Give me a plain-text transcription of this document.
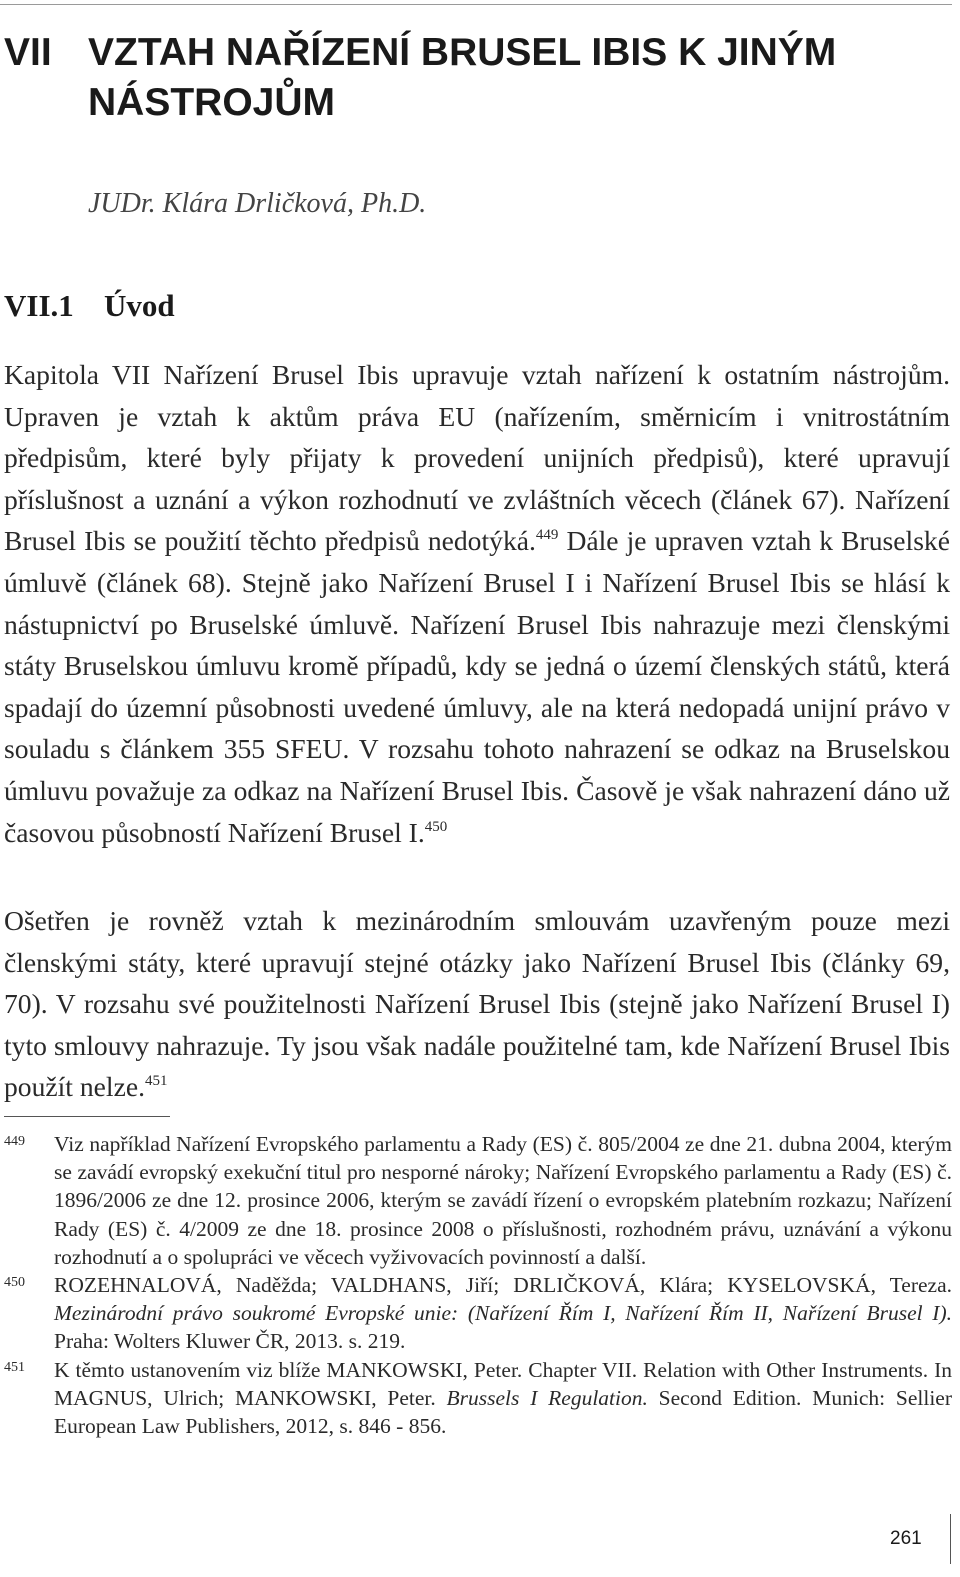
VII VZTAH NAŘÍZENÍ BRUSEL IBIS K JINÝM NÁSTROJŮM
JUDr. Klára Drličková, Ph.D.
VII.1 Úvod

Kapitola VII Nařízení Brusel Ibis upravuje vztah nařízení k ostatním nástrojům. Upraven je vztah k aktům práva EU (nařízením, směrnicím i vnitrostátním předpisům, které byly přijaty k provedení unijních předpisů), které upravují příslušnost a uznání a výkon rozhodnutí ve zvláštních věcech (článek 67). Nařízení Brusel Ibis se použití těchto předpisů nedotýká.$^{449}$ Dále je upraven vztah k Bruselské úmluvě (článek 68). Stejně jako Nařízení Brusel I i Nařízení Brusel Ibis se hlásí k nástupnictví po Bruselské úmluvě. Nařízení Brusel Ibis nahrazuje mezi členskými státy Bruselskou úmluvu kromě případů, kdy se jedná o území členských států, která spadají do územní působnosti uvedené úmluvy, ale na která nedopadá unijní právo v souladu s článkem 355 SFEU. V rozsahu tohoto nahrazení se odkaz na Bruselskou úmluvu považuje za odkaz na Nařízení Brusel Ibis. Časově je však nahrazení dáno už časovou působností Nařízení Brusel I.$^{450}$

Ošetřen je rovněž vztah k mezinárodním smlouvám uzavřeným pouze mezi členskými státy, které upravují stejné otázky jako Nařízení Brusel Ibis (články 69, 70). V rozsahu své použitelnosti Nařízení Brusel Ibis (stejně jako Nařízení Brusel I) tyto smlouvy nahrazuje. Ty jsou však nadále použitelné tam, kde Nařízení Brusel Ibis použít nelze.$^{451}$

449	Viz například Nařízení Evropského parlamentu a Rady (ES) č. 805/2004 ze dne 21. dubna 2004, kterým se zavádí evropský exekuční titul pro nesporné nároky; Nařízení Evropského parlamentu a Rady (ES) č. 1896/2006 ze dne 12. prosince 2006, kterým se zavádí řízení o evropském platebním rozkazu; Nařízení Rady (ES) č. 4/2009 ze dne 18. prosince 2008 o příslušnosti, rozhodném právu, uznávání a výkonu rozhodnutí a o spolupráci ve věcech vyživovacích povinností a další.
450	ROZEHNALOVÁ, Naděžda; VALDHANS, Jiří; DRLIČKOVÁ, Klára; KYSELOVSKÁ, Tereza. Mezinárodní právo soukromé Evropské unie: (Nařízení Řím I, Nařízení Řím II, Nařízení Brusel I). Praha: Wolters Kluwer ČR, 2013. s. 219.
451	K těmto ustanovením viz blíže MANKOWSKI, Peter. Chapter VII. Relation with Other Instruments. In MAGNUS, Ulrich; MANKOWSKI, Peter. Brussels I Regulation. Second Edition. Munich: Sellier European Law Publishers, 2012, s. 846 - 856.
261
